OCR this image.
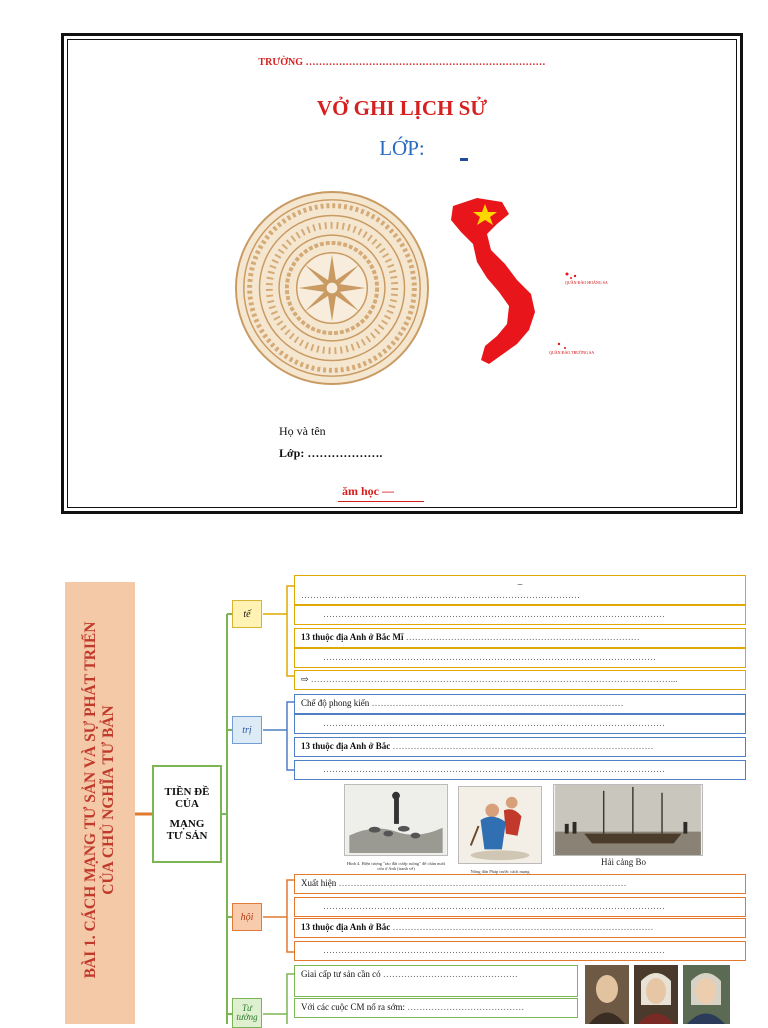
TRƯỜNG ………………………………………………………………
VỞ GHI LỊCH SỬ
LỚP:
QUẦN ĐẢO HOÀNG SA
QUẦN ĐẢO TRƯỜNG SA
Họ và tên
Lớp: ……………….
ăm học —
BÀI 1. CÁCH MẠNG TƯ SẢN VÀ SỰ PHÁT TRIỂN CỦA CHỦ NGHĨA TƯ BẢN	TIỀN ĐỀ
CỦA
MẠNG
TƯ SẢN
tế
trị
hội
Tư
tưởng
–
…………………………………………………………………………………
……………………………………………………………………………………………………
13 thuộc địa Anh ở Bắc Mĩ ……………………………………………………………………
…………………………………………………………………………………………………
⇨ …………………………………………………………………………………………………………...
Chế độ phong kiến …………………………………………………………………………
……………………………………………………………………………………………………
13 thuộc địa Anh ở Bắc ……………………………………………………………………………
……………………………………………………………………………………………………
Hình 4. Hiện tượng "rào đất cướp ruộng" để chăn nuôi cừu ở Anh (tranh vẽ)
Nông dân Pháp trước cách mạng
Hải cảng Bo
Xuất hiện ……………………………………………………………………………………
……………………………………………………………………………………………………
13 thuộc địa Anh ở Bắc ……………………………………………………………………………
……………………………………………………………………………………………………
Giai cấp tư sản cần có ………………………………………
Với các cuộc CM nổ ra sớm: …………………………………
